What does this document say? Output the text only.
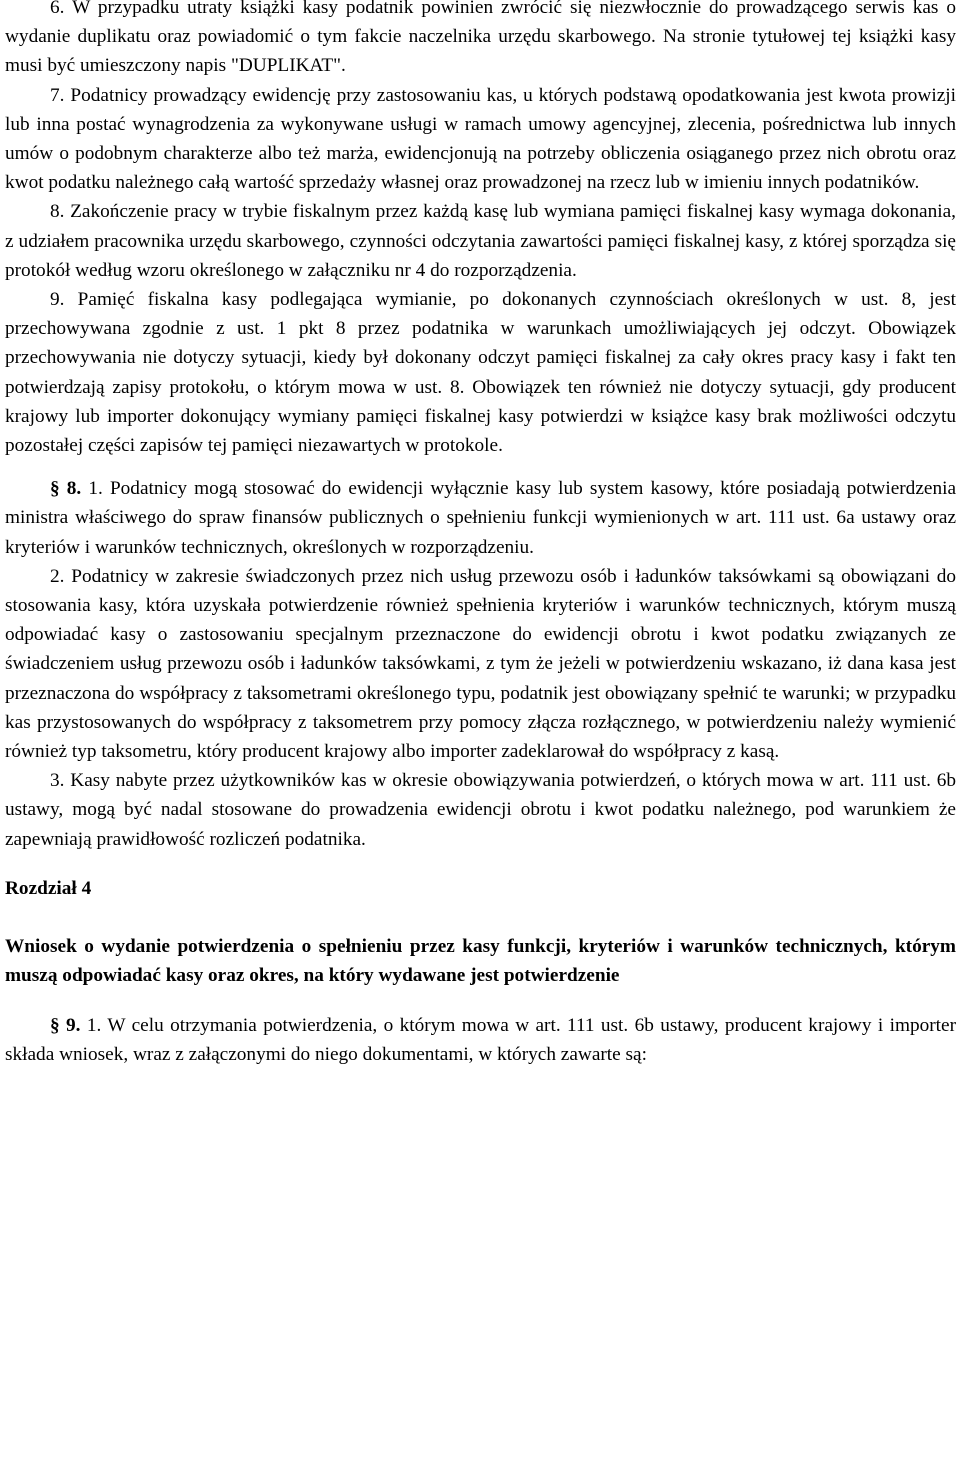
6. W przypadku utraty książki kasy podatnik powinien zwrócić się niezwłocznie do prowadzącego serwis kas o wydanie duplikatu oraz powiadomić o tym fakcie naczelnika urzędu skarbowego. Na stronie tytułowej tej książki kasy musi być umieszczony napis "DUPLIKAT".

7. Podatnicy prowadzący ewidencję przy zastosowaniu kas, u których podstawą opodatkowania jest kwota prowizji lub inna postać wynagrodzenia za wykonywane usługi w ramach umowy agencyjnej, zlecenia, pośrednictwa lub innych umów o podobnym charakterze albo też marża, ewidencjonują na potrzeby obliczenia osiąganego przez nich obrotu oraz kwot podatku należnego całą wartość sprzedaży własnej oraz prowadzonej na rzecz lub w imieniu innych podatników.

8. Zakończenie pracy w trybie fiskalnym przez każdą kasę lub wymiana pamięci fiskalnej kasy wymaga dokonania, z udziałem pracownika urzędu skarbowego, czynności odczytania zawartości pamięci fiskalnej kasy, z której sporządza się protokół według wzoru określonego w załączniku nr 4 do rozporządzenia.

9. Pamięć fiskalna kasy podlegająca wymianie, po dokonanych czynnościach określonych w ust. 8, jest przechowywana zgodnie z ust. 1 pkt 8 przez podatnika w warunkach umożliwiających jej odczyt. Obowiązek przechowywania nie dotyczy sytuacji, kiedy był dokonany odczyt pamięci fiskalnej za cały okres pracy kasy i fakt ten potwierdzają zapisy protokołu, o którym mowa w ust. 8. Obowiązek ten również nie dotyczy sytuacji, gdy producent krajowy lub importer dokonujący wymiany pamięci fiskalnej kasy potwierdzi w książce kasy brak możliwości odczytu pozostałej części zapisów tej pamięci niezawartych w protokole.

§ 8. 1. Podatnicy mogą stosować do ewidencji wyłącznie kasy lub system kasowy, które posiadają potwierdzenia ministra właściwego do spraw finansów publicznych o spełnieniu funkcji wymienionych w art. 111 ust. 6a ustawy oraz kryteriów i warunków technicznych, określonych w rozporządzeniu.

2. Podatnicy w zakresie świadczonych przez nich usług przewozu osób i ładunków taksówkami są obowiązani do stosowania kasy, która uzyskała potwierdzenie również spełnienia kryteriów i warunków technicznych, którym muszą odpowiadać kasy o zastosowaniu specjalnym przeznaczone do ewidencji obrotu i kwot podatku związanych ze świadczeniem usług przewozu osób i ładunków taksówkami, z tym że jeżeli w potwierdzeniu wskazano, iż dana kasa jest przeznaczona do współpracy z taksometrami określonego typu, podatnik jest obowiązany spełnić te warunki; w przypadku kas przystosowanych do współpracy z taksometrem przy pomocy złącza rozłącznego, w potwierdzeniu należy wymienić również typ taksometru, który producent krajowy albo importer zadeklarował do współpracy z kasą.

3. Kasy nabyte przez użytkowników kas w okresie obowiązywania potwierdzeń, o których mowa w art. 111 ust. 6b ustawy, mogą być nadal stosowane do prowadzenia ewidencji obrotu i kwot podatku należnego, pod warunkiem że zapewniają prawidłowość rozliczeń podatnika.

Rozdział 4

Wniosek o wydanie potwierdzenia o spełnieniu przez kasy funkcji, kryteriów i warunków technicznych, którym muszą odpowiadać kasy oraz okres, na który wydawane jest potwierdzenie

§ 9. 1. W celu otrzymania potwierdzenia, o którym mowa w art. 111 ust. 6b ustawy, producent krajowy i importer składa wniosek, wraz z załączonymi do niego dokumentami, w których zawarte są:
